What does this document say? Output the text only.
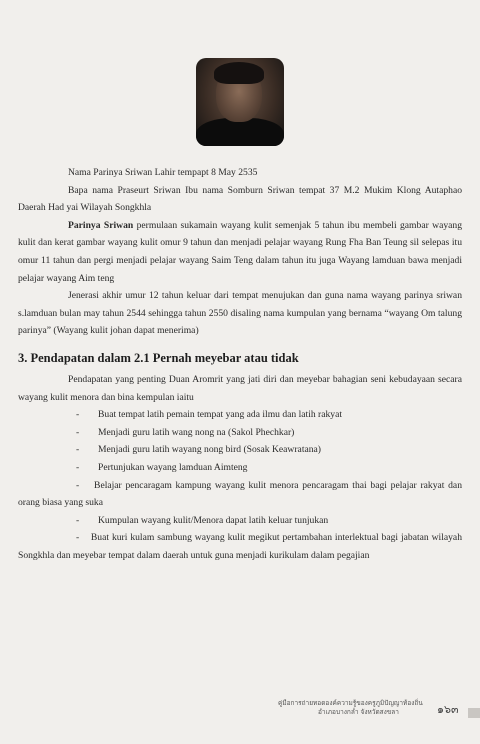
Nama Parinya Sriwan Lahir tempapt 8 May 2535

Bapa nama Praseurt Sriwan Ibu nama Somburn Sriwan tempat 37 M.2 Mukim Klong Autaphao Daerah Had yai Wilayah Songkhla

Parinya Sriwan permulaan sukamain wayang kulit semenjak 5 tahun ibu membeli gambar wayang kulit dan kerat gambar wayang kulit omur 9 tahun dan menjadi pelajar wayang Rung Fha Ban Teung sil selepas itu omur 11 tahun dan pergi menjadi pelajar wayang Saim Teng dalam tahun itu juga Wayang lamduan bawa menjadi pelajar wayang Aim teng

Jenerasi akhir umur 12 tahun keluar dari tempat menujukan dan guna nama wayang parinya sriwan s.lamduan bulan may tahun 2544 sehingga tahun 2550 disaling nama kumpulan yang bernama “wayang Om talung parinya” (Wayang kulit johan dapat menerima)

3. Pendapatan dalam 2.1 Pernah meyebar atau tidak

Pendapatan yang penting Duan Aromrit yang jati diri dan meyebar bahagian seni kebudayaan secara wayang kulit menora dan bina kempulan iaitu

- Buat tempat latih pemain tempat yang ada ilmu dan latih rakyat

- Menjadi guru latih wang nong na (Sakol Phechkar)

- Menjadi guru latih wayang nong bird (Sosak Keawratana)

- Pertunjukan wayang lamduan Aimteng

-    Belajar pencaragam kampung wayang kulit menora pencaragam thai bagi pelajar rakyat dan orang biasa yang suka

- Kumpulan wayang kulit/Menora dapat latih keluar tunjukan

-    Buat kuri kulam sambung wayang kulit megikut pertambahan interlektual bagi jabatan wilayah Songkhla dan meyebar tempat dalam daerah untuk guna menjadi kurikulam dalam pegajian

คู่มือการถ่ายทอดองค์ความรู้ของครูภูมิปัญญาท้องถิ่น
อำเภอบางกล่ำ จังหวัดสงขลา	๑๖๓
